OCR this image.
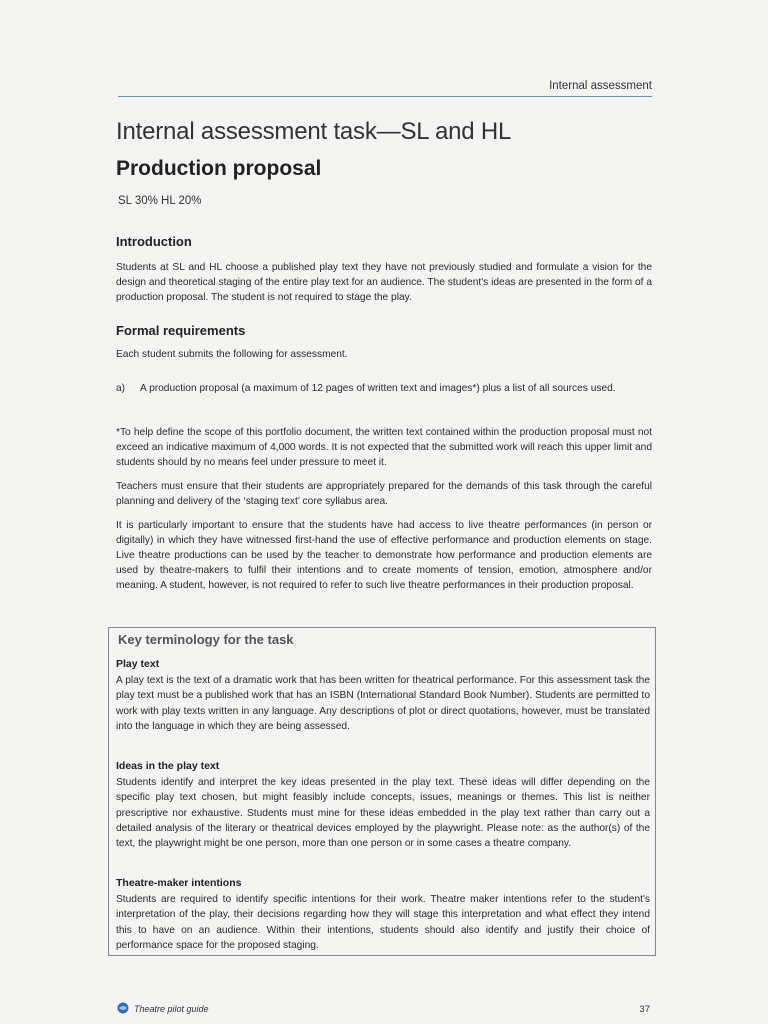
Internal assessment
Internal assessment task—SL and HL
Production proposal
SL 30% HL 20%
Introduction

Students at SL and HL choose a published play text they have not previously studied and formulate a vision for the design and theoretical staging of the entire play text for an audience. The student's ideas are presented in the form of a production proposal. The student is not required to stage the play.

Formal requirements

Each student submits the following for assessment.

a) A production proposal (a maximum of 12 pages of written text and images*) plus a list of all sources used.

*To help define the scope of this portfolio document, the written text contained within the production proposal must not exceed an indicative maximum of 4,000 words. It is not expected that the submitted work will reach this upper limit and students should by no means feel under pressure to meet it.

Teachers must ensure that their students are appropriately prepared for the demands of this task through the careful planning and delivery of the ‘staging text’ core syllabus area.

It is particularly important to ensure that the students have had access to live theatre performances (in person or digitally) in which they have witnessed first-hand the use of effective performance and production elements on stage. Live theatre productions can be used by the teacher to demonstrate how performance and production elements are used by theatre-makers to fulfil their intentions and to create moments of tension, emotion, atmosphere and/or meaning. A student, however, is not required to refer to such live theatre performances in their production proposal.

Key terminology for the task
Play text

A play text is the text of a dramatic work that has been written for theatrical performance. For this assessment task the play text must be a published work that has an ISBN (International Standard Book Number). Students are permitted to work with play texts written in any language. Any descriptions of plot or direct quotations, however, must be translated into the language in which they are being assessed.

Ideas in the play text

Students identify and interpret the key ideas presented in the play text. These ideas will differ depending on the specific play text chosen, but might feasibly include concepts, issues, meanings or themes. This list is neither prescriptive nor exhaustive. Students must mine for these ideas embedded in the play text rather than carry out a detailed analysis of the literary or theatrical devices employed by the playwright. Please note: as the author(s) of the text, the playwright might be one person, more than one person or in some cases a theatre company.

Theatre-maker intentions

Students are required to identify specific intentions for their work. Theatre maker intentions refer to the student's interpretation of the play, their decisions regarding how they will stage this interpretation and what effect they intend this to have on an audience. Within their intentions, students should also identify and justify their choice of performance space for the proposed staging.

Theatre pilot guide	37
